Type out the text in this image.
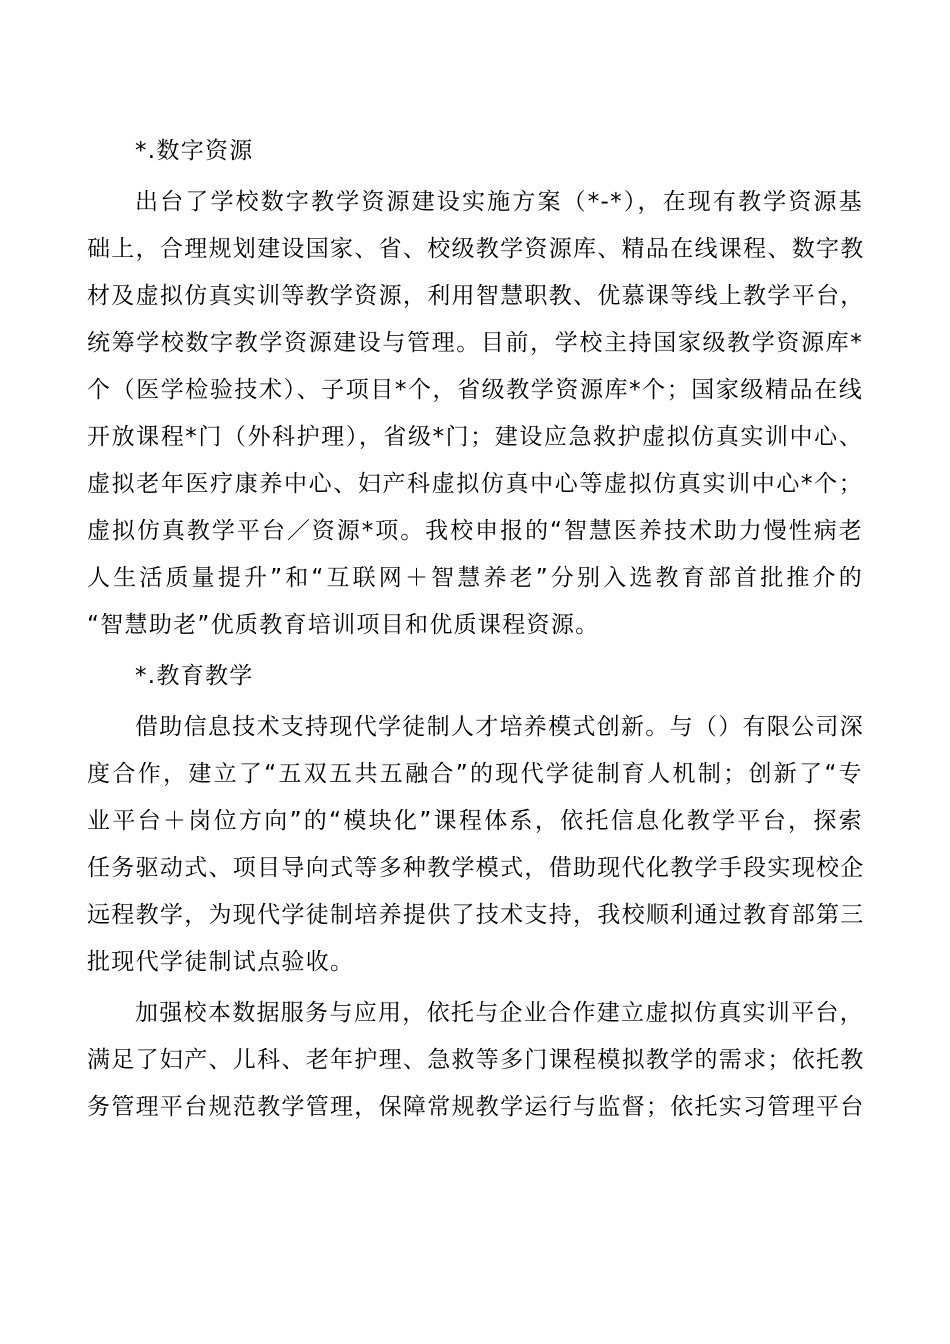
*.数字资源
出台了学校数字教学资源建设实施方案（*-*），在现有教学资源基
础上，合理规划建设国家、省、校级教学资源库、精品在线课程、数字教
材及虚拟仿真实训等教学资源，利用智慧职教、优慕课等线上教学平台，
统筹学校数字教学资源建设与管理。目前，学校主持国家级教学资源库*
个（医学检验技术）、子项目*个，省级教学资源库*个；国家级精品在线
开放课程*门（外科护理），省级*门；建设应急救护虚拟仿真实训中心、
虚拟老年医疗康养中心、妇产科虚拟仿真中心等虚拟仿真实训中心*个；
虚拟仿真教学平台／资源*项。我校申报的“智慧医养技术助力慢性病老
人生活质量提升”和“互联网＋智慧养老”分别入选教育部首批推介的
“智慧助老”优质教育培训项目和优质课程资源。
*.教育教学
借助信息技术支持现代学徒制人才培养模式创新。与（）有限公司深
度合作，建立了“五双五共五融合”的现代学徒制育人机制；创新了“专
业平台＋岗位方向”的“模块化”课程体系，依托信息化教学平台，探索
任务驱动式、项目导向式等多种教学模式，借助现代化教学手段实现校企
远程教学，为现代学徒制培养提供了技术支持，我校顺利通过教育部第三
批现代学徒制试点验收。
加强校本数据服务与应用，依托与企业合作建立虚拟仿真实训平台，
满足了妇产、儿科、老年护理、急救等多门课程模拟教学的需求；依托教
务管理平台规范教学管理，保障常规教学运行与监督；依托实习管理平台
